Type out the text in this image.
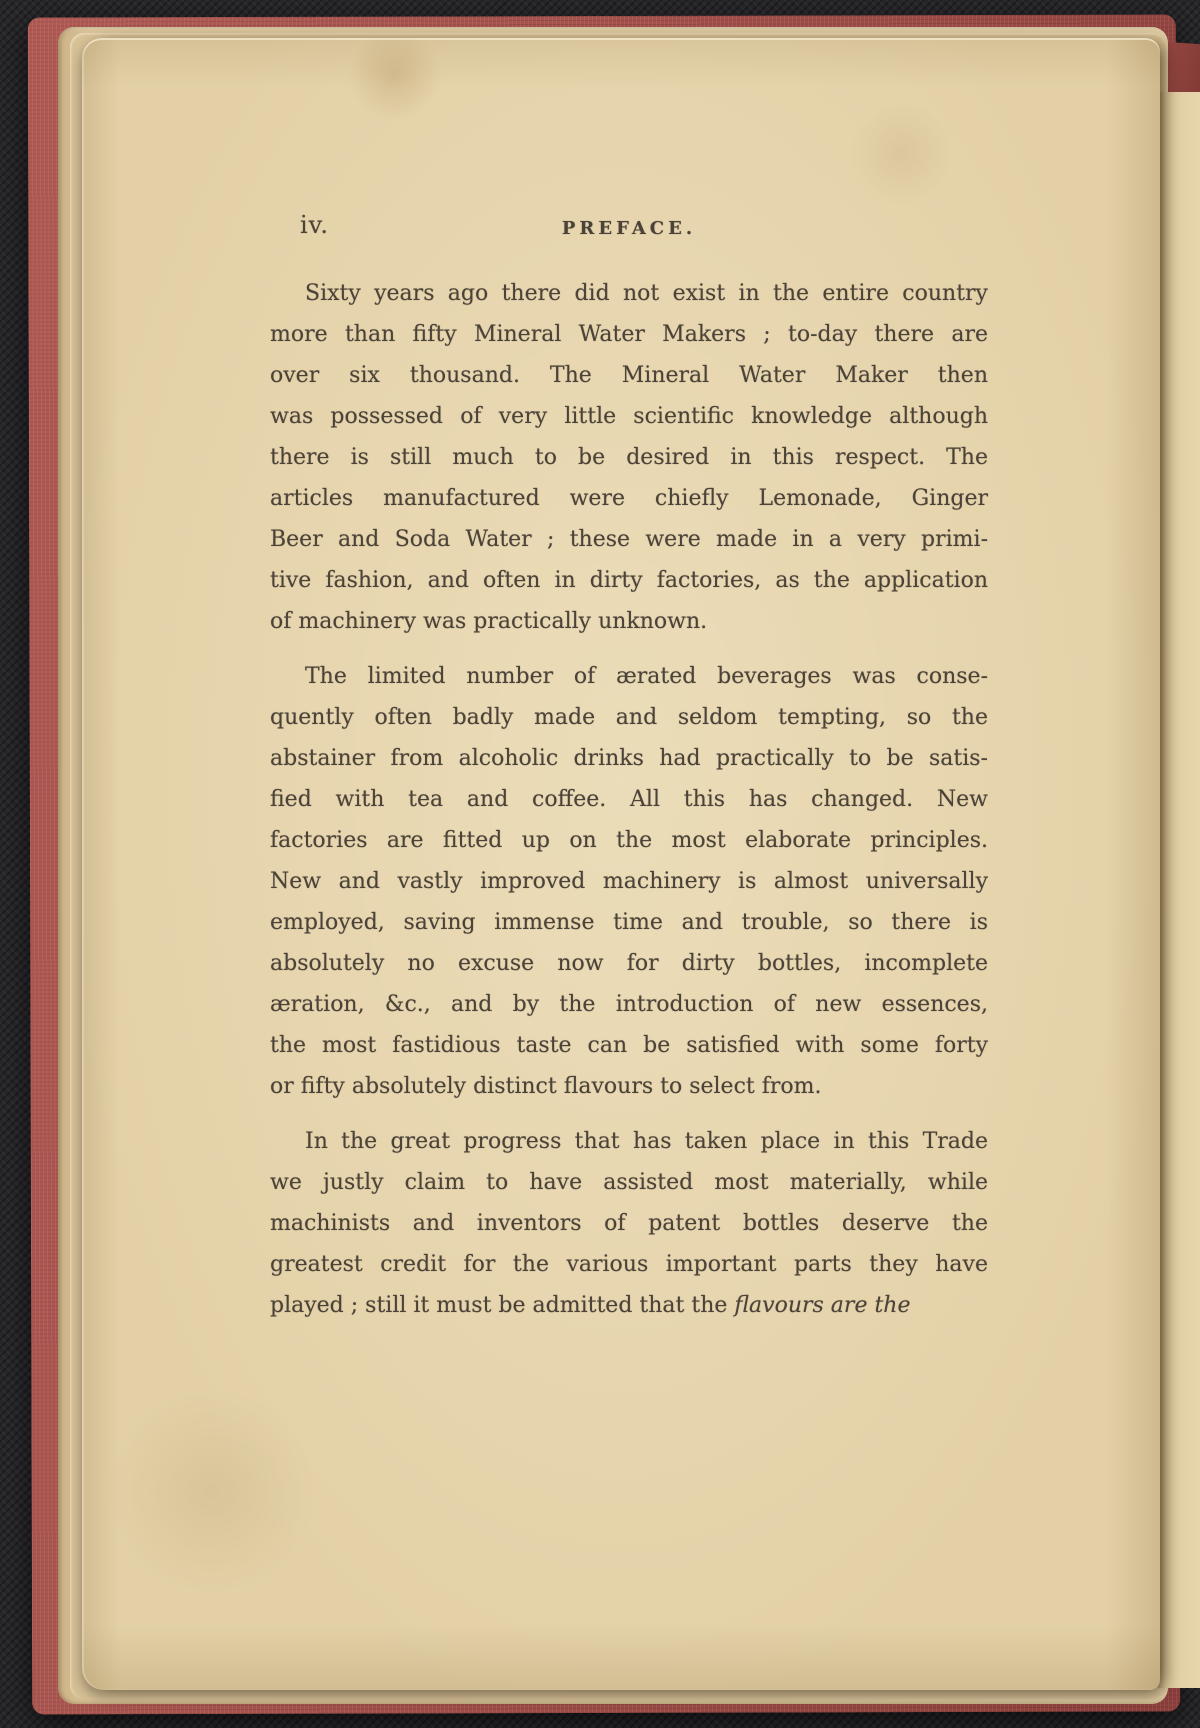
iv.	PREFACE.
Sixty years ago there did not exist in the entire country
more than fifty Mineral Water Makers ; to-day there are
over six thousand. The Mineral Water Maker then
was possessed of very little scientific knowledge although
there is still much to be desired in this respect. The
articles manufactured were chiefly Lemonade, Ginger
Beer and Soda Water ; these were made in a very primi-
tive fashion, and often in dirty factories, as the application
of machinery was practically unknown.
The limited number of ærated beverages was conse-
quently often badly made and seldom tempting, so the
abstainer from alcoholic drinks had practically to be satis-
fied with tea and coffee. All this has changed. New
factories are fitted up on the most elaborate principles.
New and vastly improved machinery is almost universally
employed, saving immense time and trouble, so there is
absolutely no excuse now for dirty bottles, incomplete
æration, &c., and by the introduction of new essences,
the most fastidious taste can be satisfied with some forty
or fifty absolutely distinct flavours to select from.
In the great progress that has taken place in this Trade
we justly claim to have assisted most materially, while
machinists and inventors of patent bottles deserve the
greatest credit for the various important parts they have
played ; still it must be admitted that the flavours are the
